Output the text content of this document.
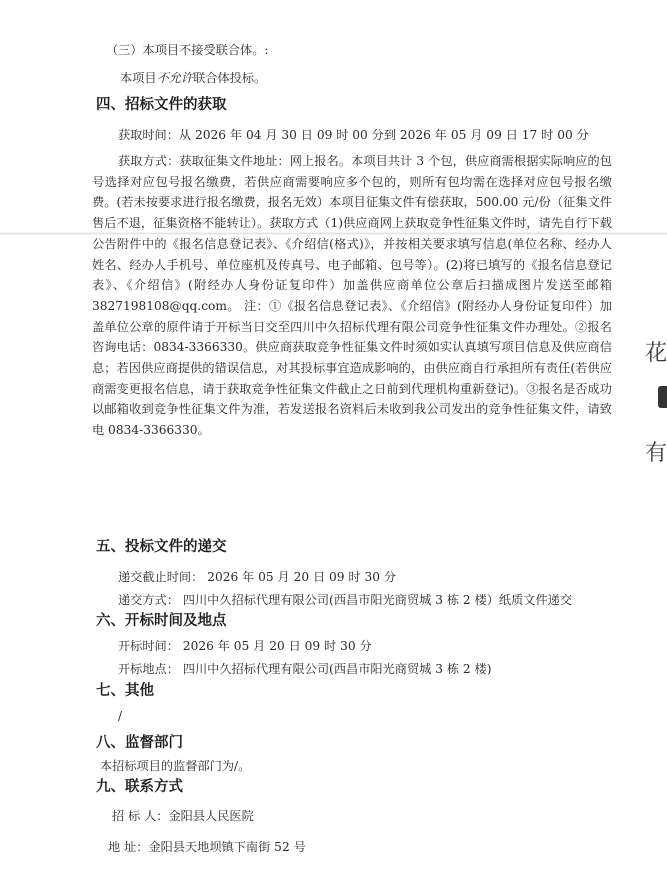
（三）本项目不接受联合体。:
本项目不允许联合体投标。
四、招标文件的获取
获取时间：从 2026 年 04 月 30 日 09 时 00 分到 2026 年 05 月 09 日 17 时 00 分
获取方式：获取征集文件地址：网上报名。本项目共计 3 个包，供应商需根据实际响应的包号选择对应包号报名缴费，若供应商需要响应多个包的，则所有包均需在选择对应包号报名缴费。(若未按要求进行报名缴费，报名无效）本项目征集文件有偿获取，500.00 元/份（征集文件售后不退，征集资格不能转让）。获取方式（1)供应商网上获取竞争性征集文件时，请先自行下载公告附件中的《报名信息登记表》、《介绍信(格式)》，并按相关要求填写信息(单位名称、经办人姓名、经办人手机号、单位座机及传真号、电子邮箱、包号等）。(2)将已填写的《报名信息登记表》、《介绍信》(附经办人身份证复印件）加盖供应商单位公章后扫描成图片发送至邮箱 3827198108@qq.com。 注：①《报名信息登记表》、《介绍信》(附经办人身份证复印件）加盖单位公章的原件请于开标当日交至四川中久招标代理有限公司竞争性征集文件办理处。②报名咨询电话：0834-3366330。供应商获取竞争性征集文件时须如实认真填写项目信息及供应商信息；若因供应商提供的错误信息，对其投标事宜造成影响的，由供应商自行承担所有责任(若供应商需变更报名信息，请于获取竞争性征集文件截止之日前到代理机构重新登记)。③报名是否成功以邮箱收到竞争性征集文件为准，若发送报名资料后未收到我公司发出的竞争性征集文件，请致电 0834-3366330。
五、投标文件的递交
递交截止时间： 2026 年 05 月 20 日 09 时 30 分
递交方式： 四川中久招标代理有限公司(西昌市阳光商贸城 3 栋 2 楼）纸质文件递交
六、开标时间及地点
开标时间： 2026 年 05 月 20 日 09 时 30 分
开标地点： 四川中久招标代理有限公司(西昌市阳光商贸城 3 栋 2 楼)
七、其他
/
八、监督部门
本招标项目的监督部门为/。
九、联系方式
招 标 人：金阳县人民医院
地 址：金阳县天地坝镇下南街 52 号
花
有
